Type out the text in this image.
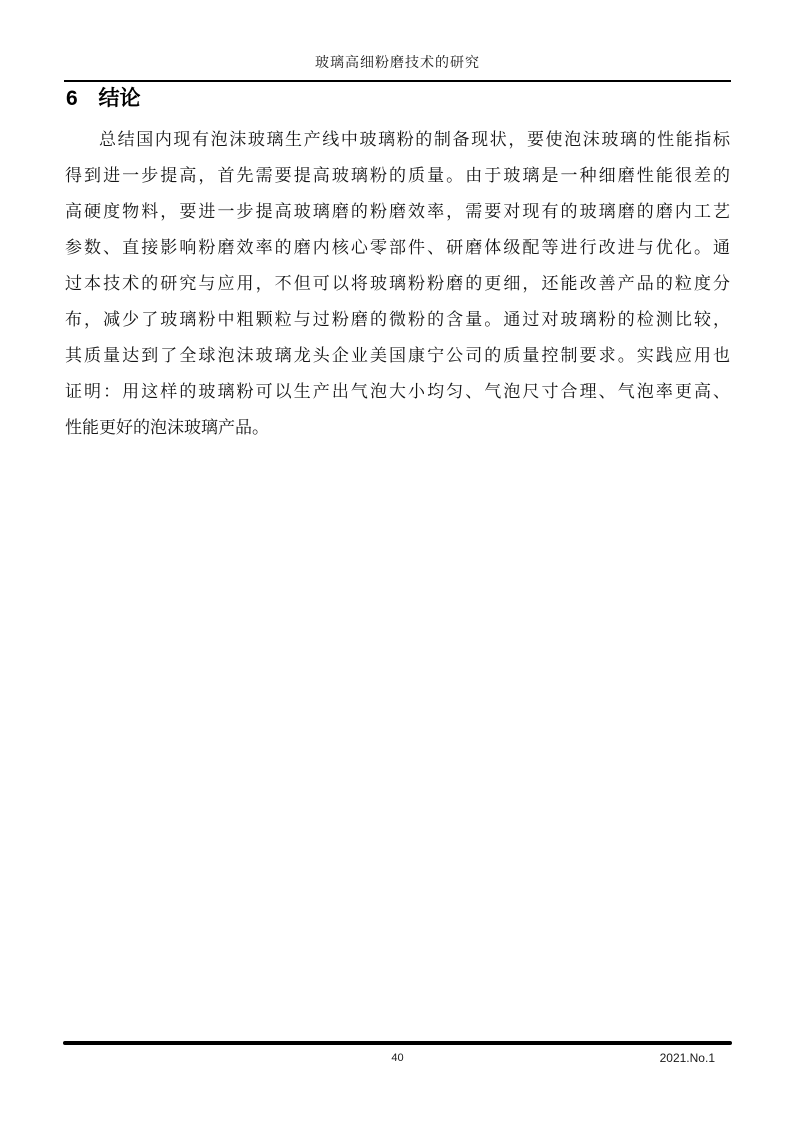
玻璃高细粉磨技术的研究
6 结论
总结国内现有泡沫玻璃生产线中玻璃粉的制备现状，要使泡沫玻璃的性能指标
得到进一步提高，首先需要提高玻璃粉的质量。由于玻璃是一种细磨性能很差的
高硬度物料，要进一步提高玻璃磨的粉磨效率，需要对现有的玻璃磨的磨内工艺
参数、直接影响粉磨效率的磨内核心零部件、研磨体级配等进行改进与优化。通
过本技术的研究与应用，不但可以将玻璃粉粉磨的更细，还能改善产品的粒度分
布，减少了玻璃粉中粗颗粒与过粉磨的微粉的含量。通过对玻璃粉的检测比较，
其质量达到了全球泡沫玻璃龙头企业美国康宁公司的质量控制要求。实践应用也
证明：用这样的玻璃粉可以生产出气泡大小均匀、气泡尺寸合理、气泡率更高、
性能更好的泡沫玻璃产品。
40	2021.No.1
